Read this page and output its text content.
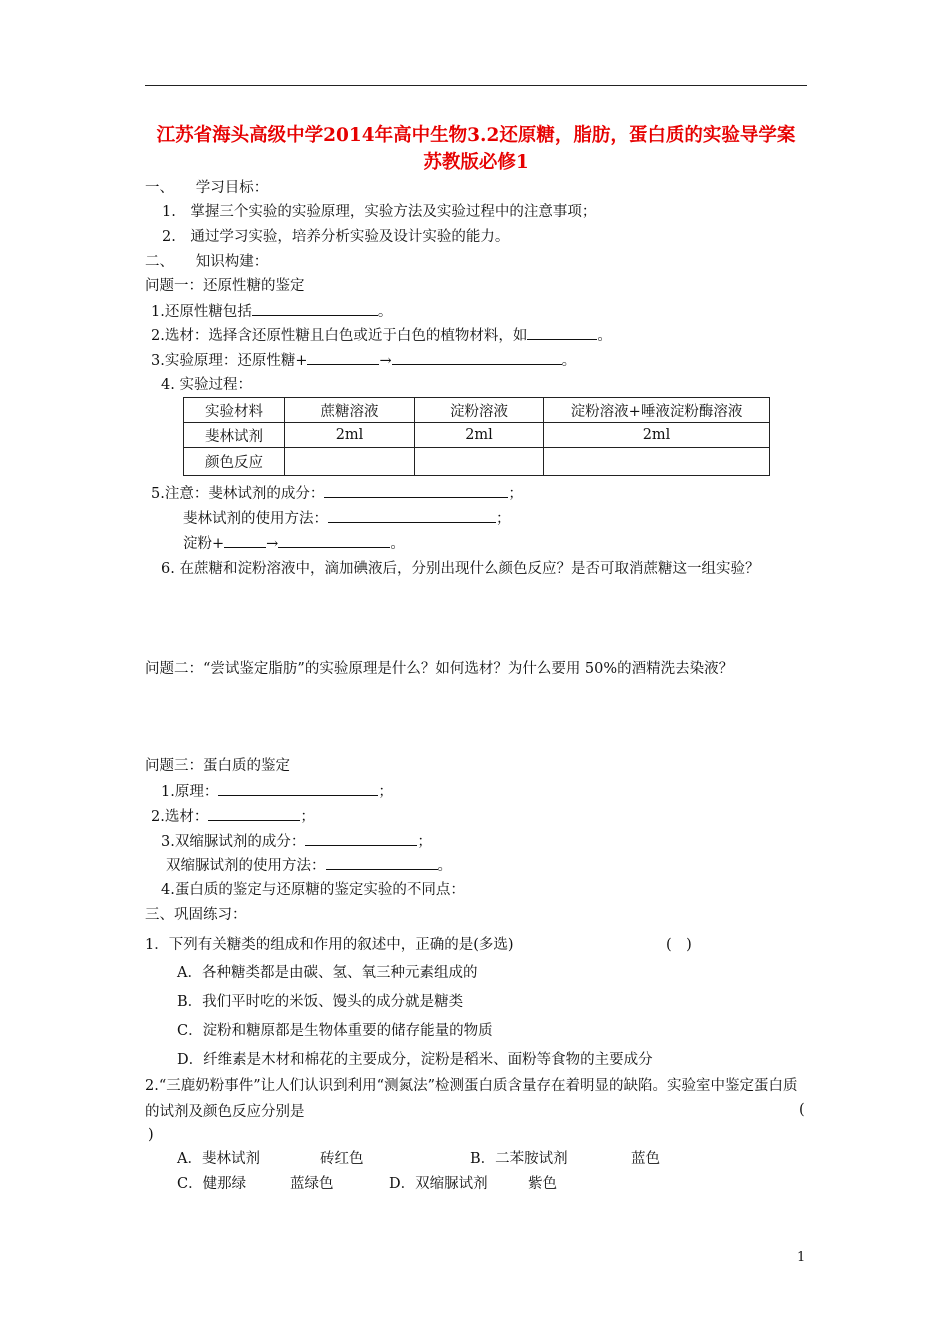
江苏省海头高级中学2014年高中生物3.2还原糖，脂肪，蛋白质的实验导学案 苏教版必修1
一、　　学习目标：
1.　掌握三个实验的实验原理，实验方法及实验过程中的注意事项；
2.　通过学习实验，培养分析实验及设计实验的能力。
二、　　知识构建：
问题一：还原性糖的鉴定
1.还原性糖包括	。
2.选材：选择含还原性糖且白色或近于白色的植物材料，如	。
3.实验原理：还原性糖+	→	。
4. 实验过程：
实验材料	蔗糖溶液	淀粉溶液	淀粉溶液+唾液淀粉酶溶液
斐林试剂	2ml	2ml	2ml
颜色反应			
5.注意：斐林试剂的成分：	；
斐林试剂的使用方法：	；
淀粉+	→	。
6. 在蔗糖和淀粉溶液中，滴加碘液后，分别出现什么颜色反应？是否可取消蔗糖这一组实验？
问题二：“尝试鉴定脂肪”的实验原理是什么？如何选材？为什么要用 50%的酒精洗去染液？
问题三：蛋白质的鉴定
1.原理：	；
2.选材：	；
3.双缩脲试剂的成分：	；
双缩脲试剂的使用方法：	。
4.蛋白质的鉴定与还原糖的鉴定实验的不同点：
三、巩固练习：
1．下列有关糖类的组成和作用的叙述中，正确的是(多选)	(  )
A．各种糖类都是由碳、氢、氧三种元素组成的
B．我们平时吃的米饭、馒头的成分就是糖类
C．淀粉和糖原都是生物体重要的储存能量的物质
D．纤维素是木材和棉花的主要成分，淀粉是稻米、面粉等食物的主要成分
2.“三鹿奶粉事件”让人们认识到利用“测氮法”检测蛋白质含量存在着明显的缺陷。实验室中鉴定蛋白质的试剂及颜色反应分别是	(
)
A．斐林试剂	砖红色	B．二苯胺试剂	蓝色
C．健那绿	蓝绿色	D．双缩脲试剂	紫色
1
